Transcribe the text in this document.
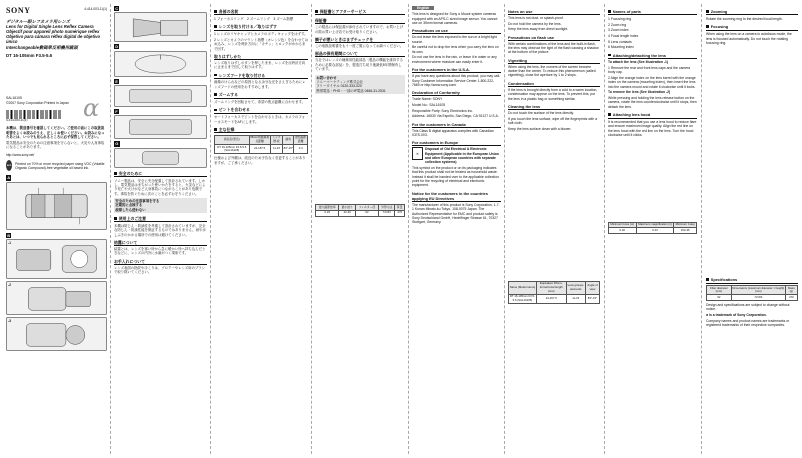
SONY	4-414-003-11(1)
デジタル一眼レフカメラ用レンズ
Lens for Digital Single Lens Reflex Camera
Objectif pour appareil photo numérique reflex
Objetivo para cámara réflex digital de objetivo único
Interchangeable數碼單反相機用鏡頭
DT 16-105mm F3.5-5.6
SAL16105
©2007 Sony Corporation Printed in Japan
4-414-003-11(1)

本機は、製造番号を確認してください。ご使用の前にこの取扱説明書をよくお読みのうえ、正しくお使いください。お読みになったあとは、いつでも見られるところに必ず保管してください。

電気製品は安全のための注意事項を守らないと、火災や人身事故になることがあります。

http://www.sony.net/
eco
Printed on 70% or more recycled paper using VOC (Volatile Organic Compound)-free vegetable oil based ink.
A
B
-1
-2
-3
α
C
D
E
F
G
安全のために

ソニー製品は、安全に充分配慮して設計されています。しかし、電気製品はまちがった使いかたをすると、火災などにより死亡や大けがなど人身事故につながることがあり危険です。事故を防ぐために次のことを必ずお守りください。

安全のための注意事項を守る
定期的に点検する
故障したら使わない
使用上のご注意

本機は防じん・防滴性を考慮して設計されていますが、完全な防じん・防滴性能を保証するものではありません。雨や水しぶきのかかる場所での使用は避けてください。

結露について

結露とは、レンズを寒い所から急に暖かい所へ持ち込んだときなどに、レンズの内外に水滴がつく現象です。

お手入れについて

レンズ表面の指紋やほこりは、ブロアーやレンズ用のブラシで取り除いてください。

各部の名前

1 フォーカスリング　2 ズームリング　3 ズーム指標

レンズを取り付ける／取りはずす

1 レンズのリヤキャップとカメラのボディキャップをはずす。

2 レンズとカメラのマウント指標（オレンジ色）を合わせてはめ込み、レンズを時計方向に「カチッ」とロックがかかるまで回す。

取りはずしかた

レンズ取りはずしボタンを押したまま、レンズを反時計方向に止まるまで回して取りはずす。

レンズフードを取り付ける

画像のけられなどの原因となる余分な光をさえぎるためにレンズフードの使用をおすすめします。

ズームする

ズームリングを回転させて、希望の焦点距離に合わせます。

ピントを合わせる

オートフォーカスでピントを合わせるときは、カメラのフォーカスモードをAFにします。

主な仕様
商品名(型名)	35mm判換算焦点距離	レンズ群-枚	画角	最短撮影距離
DT 16-105mm F3.5-5.6 (SAL16105)	24-157.5	11-15	83°-15°	0.4

仕様および外観は、改良のため予告なく変更することがありますが、ご了承ください。

保証書とアフターサービス
保証書

この製品には保証書が添付されていますので、お買い上げの際お買い上げ店でお受け取りください。

調子が悪いときはまずチェックを

この取扱説明書をもう一度ご覧になってお調べください。

部品の保有期間について

当社ではレンズの補修用性能部品（製品の機能を維持するために必要な部品）を、製造打ち切り後最低8年間保有しています。

お問い合わせ
ソニーマーケティング株式会社
フリーダイヤル 0120-333-020
携帯電話・PHS・一部のIP電話 0466-31-2531
最大撮影倍率	最小絞り	フィルター径	外形寸法	質量
0.23	22-36	62	72×83	470
English

This lens is designed for Sony α Mount system cameras equipped with an APS-C sized image sensor. You cannot use on 35mm format cameras.

Precautions on use

Do not leave the lens exposed to the sun or a bright light source.

Be careful not to drop the lens when you carry the lens on its own.

Do not use the lens in the rain, or leave it in water or any environment where moisture can easily enter it.

For the customers in the U.S.A.

If you have any questions about this product, you may call: Sony Customer Information Service Center 1-800-222-7669 or http://www.sony.com/

Declaration of Conformity

Trade Name: SONY

Model No.: SAL16105

Responsible Party: Sony Electronics Inc.

Address: 16530 Via Esprillo, San Diego, CA 92127 U.S.A.

For the customers in Canada

This Class B digital apparatus complies with Canadian ICES-003.

For customers in Europe
✕

Disposal of Old Electrical & Electronic Equipment (Applicable in the European Union and other European countries with separate collection systems)

This symbol on the product or on its packaging indicates that this product shall not be treated as household waste. Instead it shall be handed over to the applicable collection point for the recycling of electrical and electronic equipment.

Notice for the customers in the countries applying EU Directives

The manufacturer of this product is Sony Corporation, 1-7-1 Konan Minato-ku Tokyo, 108-0075 Japan. The Authorized Representative for EMC and product safety is Sony Deutschland GmbH, Hedelfinger Strasse 61, 70327 Stuttgart, Germany.

Notes on use

This lens is not dust- or splash-proof.

Do not hold the camera by the lens.

Keep the lens away from direct sunlight.

Precautions on flash use

With certain combinations of the lens and the built-in flash, the lens may obstruct the light of the flash causing a shadow at the bottom of the picture.

Vignetting

When using the lens, the corners of the screen become darker than the center. To reduce this phenomenon (called vignetting), close the aperture by 1 to 2 stops.

Condensation

If the lens is brought directly from a cold to a warm location, condensation may appear on the lens. To prevent this, put the lens in a plastic bag or something similar.

Cleaning the lens

Do not touch the surface of the lens directly.

If you touch the lens surface, wipe off the fingerprints with a soft cloth.

Keep the lens surface clean with a blower.

Name (Model name)	Equivalent 35mm-format focal length (mm)	Lens groups-elements	Angle of view
DT 16-105mm F3.5-5.6 (SAL16105)	24-157.5	11-15	83°-15°
Names of parts

1 Focusing ring

2 Zoom ring

3 Zoom index

4 Focal length index

5 Lens contacts

6 Mounting index

Attaching/detaching the lens

To attach the lens (See illustration -1)

1 Remove the rear and front lens caps and the camera body cap.

2 Align the orange index on the lens barrel with the orange index on the camera (mounting index), then insert the lens into the camera mount and rotate it clockwise until it locks.

To remove the lens (See illustration -2)

While pressing and holding the lens release button on the camera, rotate the lens counterclockwise until it stops, then detach the lens.

Attaching lens hood

It is recommended that you use a lens hood to reduce flare and ensure maximum image quality. Align the red line on the lens hood with the red line on the lens. Turn the hood clockwise until it clicks.

Minimum focus (m)	Maximum magnification (x)	Minimum f-stop
0.40	0.23	f/22-36
Zooming

Rotate the zooming ring to the desired focal length.

Focusing

When using the lens on a camera in autofocus mode, the lens is focused automatically. Do not touch the rotating focusing ring.

Specifications
Filter diameter (mm)	Dimensions (maximum diameter × height) (mm)	Mass (g)
62	72×83	470

Design and specifications are subject to change without notice.

α is a trademark of Sony Corporation.

Company names and product names are trademarks or registered trademarks of their respective companies.
